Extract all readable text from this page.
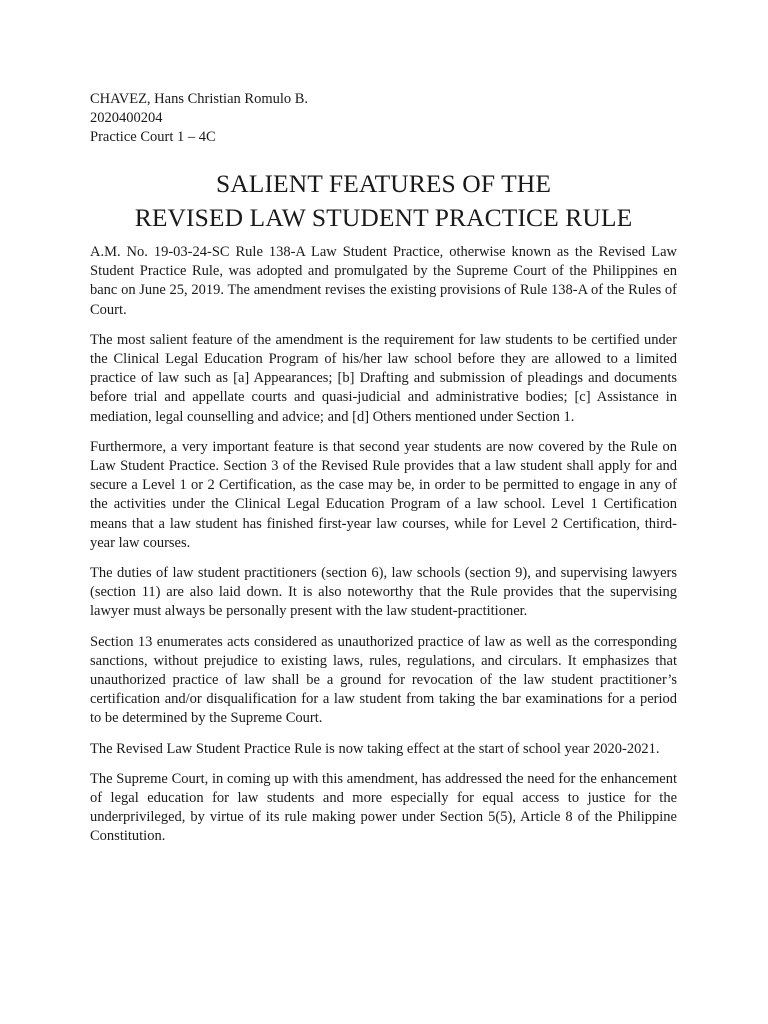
CHAVEZ, Hans Christian Romulo B.
2020400204
Practice Court 1 – 4C
SALIENT FEATURES OF THE
REVISED LAW STUDENT PRACTICE RULE

A.M. No. 19-03-24-SC Rule 138-A Law Student Practice, otherwise known as the Revised Law Student Practice Rule, was adopted and promulgated by the Supreme Court of the Philippines en banc on June 25, 2019. The amendment revises the existing provisions of Rule 138-A of the Rules of Court.

The most salient feature of the amendment is the requirement for law students to be certified under the Clinical Legal Education Program of his/her law school before they are allowed to a limited practice of law such as [a] Appearances; [b] Drafting and submission of pleadings and documents before trial and appellate courts and quasi-judicial and administrative bodies; [c] Assistance in mediation, legal counselling and advice; and [d] Others mentioned under Section 1.

Furthermore, a very important feature is that second year students are now covered by the Rule on Law Student Practice. Section 3 of the Revised Rule provides that a law student shall apply for and secure a Level 1 or 2 Certification, as the case may be, in order to be permitted to engage in any of the activities under the Clinical Legal Education Program of a law school. Level 1 Certification means that a law student has finished first-year law courses, while for Level 2 Certification, third-year law courses.

The duties of law student practitioners (section 6), law schools (section 9), and supervising lawyers (section 11) are also laid down. It is also noteworthy that the Rule provides that the supervising lawyer must always be personally present with the law student-practitioner.

Section 13 enumerates acts considered as unauthorized practice of law as well as the corresponding sanctions, without prejudice to existing laws, rules, regulations, and circulars. It emphasizes that unauthorized practice of law shall be a ground for revocation of the law student practitioner’s certification and/or disqualification for a law student from taking the bar examinations for a period to be determined by the Supreme Court.

The Revised Law Student Practice Rule is now taking effect at the start of school year 2020-2021.

The Supreme Court, in coming up with this amendment, has addressed the need for the enhancement of legal education for law students and more especially for equal access to justice for the underprivileged, by virtue of its rule making power under Section 5(5), Article 8 of the Philippine Constitution.
